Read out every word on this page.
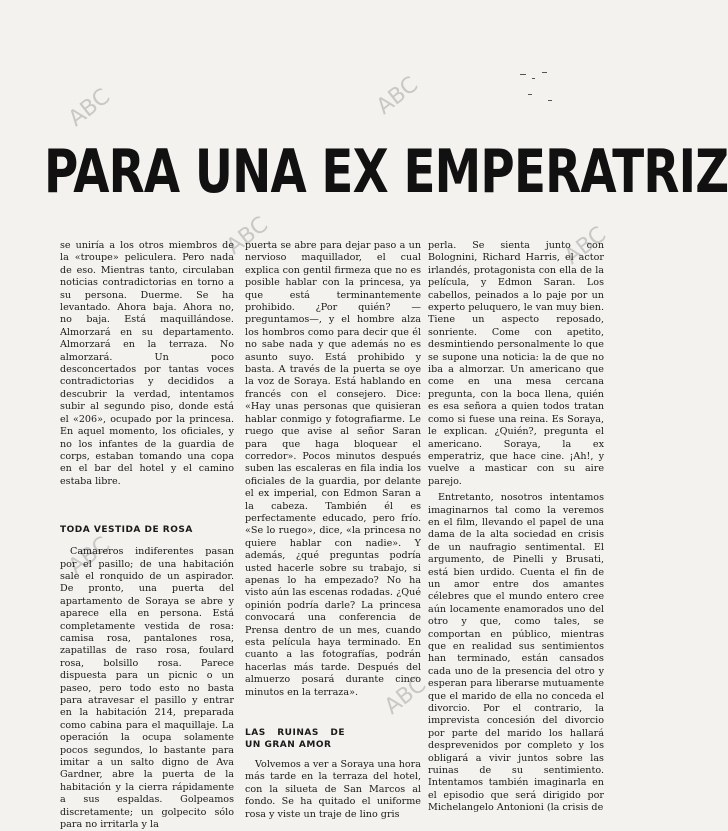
ABC	ABC
ABC	ABC
ABC
ABC
PARA UNA EX EMPERATRIZ

se uniría a los otros miembros de la «troupe» peliculera. Pero nada de eso. Mientras tanto, circulaban noticias contradictorias en torno a su persona. Duerme. Se ha levantado. Ahora baja. Ahora no, no baja. Está maquillándose. Almorzará en su departamento. Almorzará en la terraza. No almorzará. Un poco desconcertados por tantas voces contradictorias y decididos a descubrir la verdad, intentamos subir al segundo piso, donde está el «206», ocupado por la princesa. En aquel momento, los oficiales, y no los infantes de la guardia de corps, estaban tomando una copa en el bar del hotel y el camino estaba libre.

TODA VESTIDA DE ROSA

Camareros indiferentes pasan por el pasillo; de una habitación sale el ronquido de un aspirador. De pronto, una puerta del apartamento de Soraya se abre y aparece ella en persona. Está completamente vestida de rosa: camisa rosa, pantalones rosa, zapatillas de raso rosa, foulard rosa, bolsillo rosa. Parece dispuesta para un picnic o un paseo, pero todo esto no basta para atravesar el pasillo y entrar en la habitación 214, preparada como cabina para el maquillaje. La operación la ocupa solamente pocos segundos, lo bastante para imitar a un salto digno de Ava Gardner, abre la puerta de la habitación y la cierra rápidamente a sus espaldas. Golpeamos discretamente; un golpecito sólo para no irritarla y la

puerta se abre para dejar paso a un nervioso maquillador, el cual explica con gentil firmeza que no es posible hablar con la princesa, ya que está terminantemente prohibido. ¿Por quién? —preguntamos—, y el hombre alza los hombros como para decir que él no sabe nada y que además no es asunto suyo. Está prohibido y basta. A través de la puerta se oye la voz de Soraya. Está hablando en francés con el consejero. Dice: «Hay unas personas que quisieran hablar conmigo y fotografiarme. Le ruego que avise al señor Saran para que haga bloquear el corredor». Pocos minutos después suben las escaleras en fila india los oficiales de la guardia, por delante el ex imperial, con Edmon Saran a la cabeza. También él es perfectamente educado, pero frío. «Se lo ruego», dice, «la princesa no quiere hablar con nadie». Y además, ¿qué preguntas podría usted hacerle sobre su trabajo, si apenas lo ha empezado? No ha visto aún las escenas rodadas. ¿Qué opinión podría darle? La princesa convocará una conferencia de Prensa dentro de un mes, cuando esta película haya terminado. En cuanto a las fotografías, podrán hacerlas más tarde. Después del almuerzo posará durante cinco minutos en la terraza».

LAS RUINAS DE UN GRAN AMOR

Volvemos a ver a Soraya una hora más tarde en la terraza del hotel, con la silueta de San Marcos al fondo. Se ha quitado el uniforme rosa y viste un traje de lino gris

perla. Se sienta junto con Bolognini, Richard Harris, el actor irlandés, protagonista con ella de la película, y Edmon Saran. Los cabellos, peinados a lo paje por un experto peluquero, le van muy bien. Tiene un aspecto reposado, sonriente. Come con apetito, desmintiendo personalmente lo que se supone una noticia: la de que no iba a almorzar. Un americano que come en una mesa cercana pregunta, con la boca llena, quién es esa señora a quien todos tratan como si fuese una reina. Es Soraya, le explican. ¿Quién?, pregunta el americano. Soraya, la ex emperatriz, que hace cine. ¡Ah!, y vuelve a masticar con su aire parejo.

Entretanto, nosotros intentamos imaginarnos tal como la veremos en el film, llevando el papel de una dama de la alta sociedad en crisis de un naufragio sentimental. El argumento, de Pinelli y Brusati, está bien urdido. Cuenta el fin de un amor entre dos amantes célebres que el mundo entero cree aún locamente enamorados uno del otro y que, como tales, se comportan en público, mientras que en realidad sus sentimientos han terminado, están cansados cada uno de la presencia del otro y esperan para liberarse mutuamente que el marido de ella no conceda el divorcio. Por el contrario, la imprevista concesión del divorcio por parte del marido los hallará desprevenidos por completo y los obligará a vivir juntos sobre las ruinas de su sentimiento. Intentamos también imaginarla en el episodio que será dirigido por Michelangelo Antonioni (la crisis de
